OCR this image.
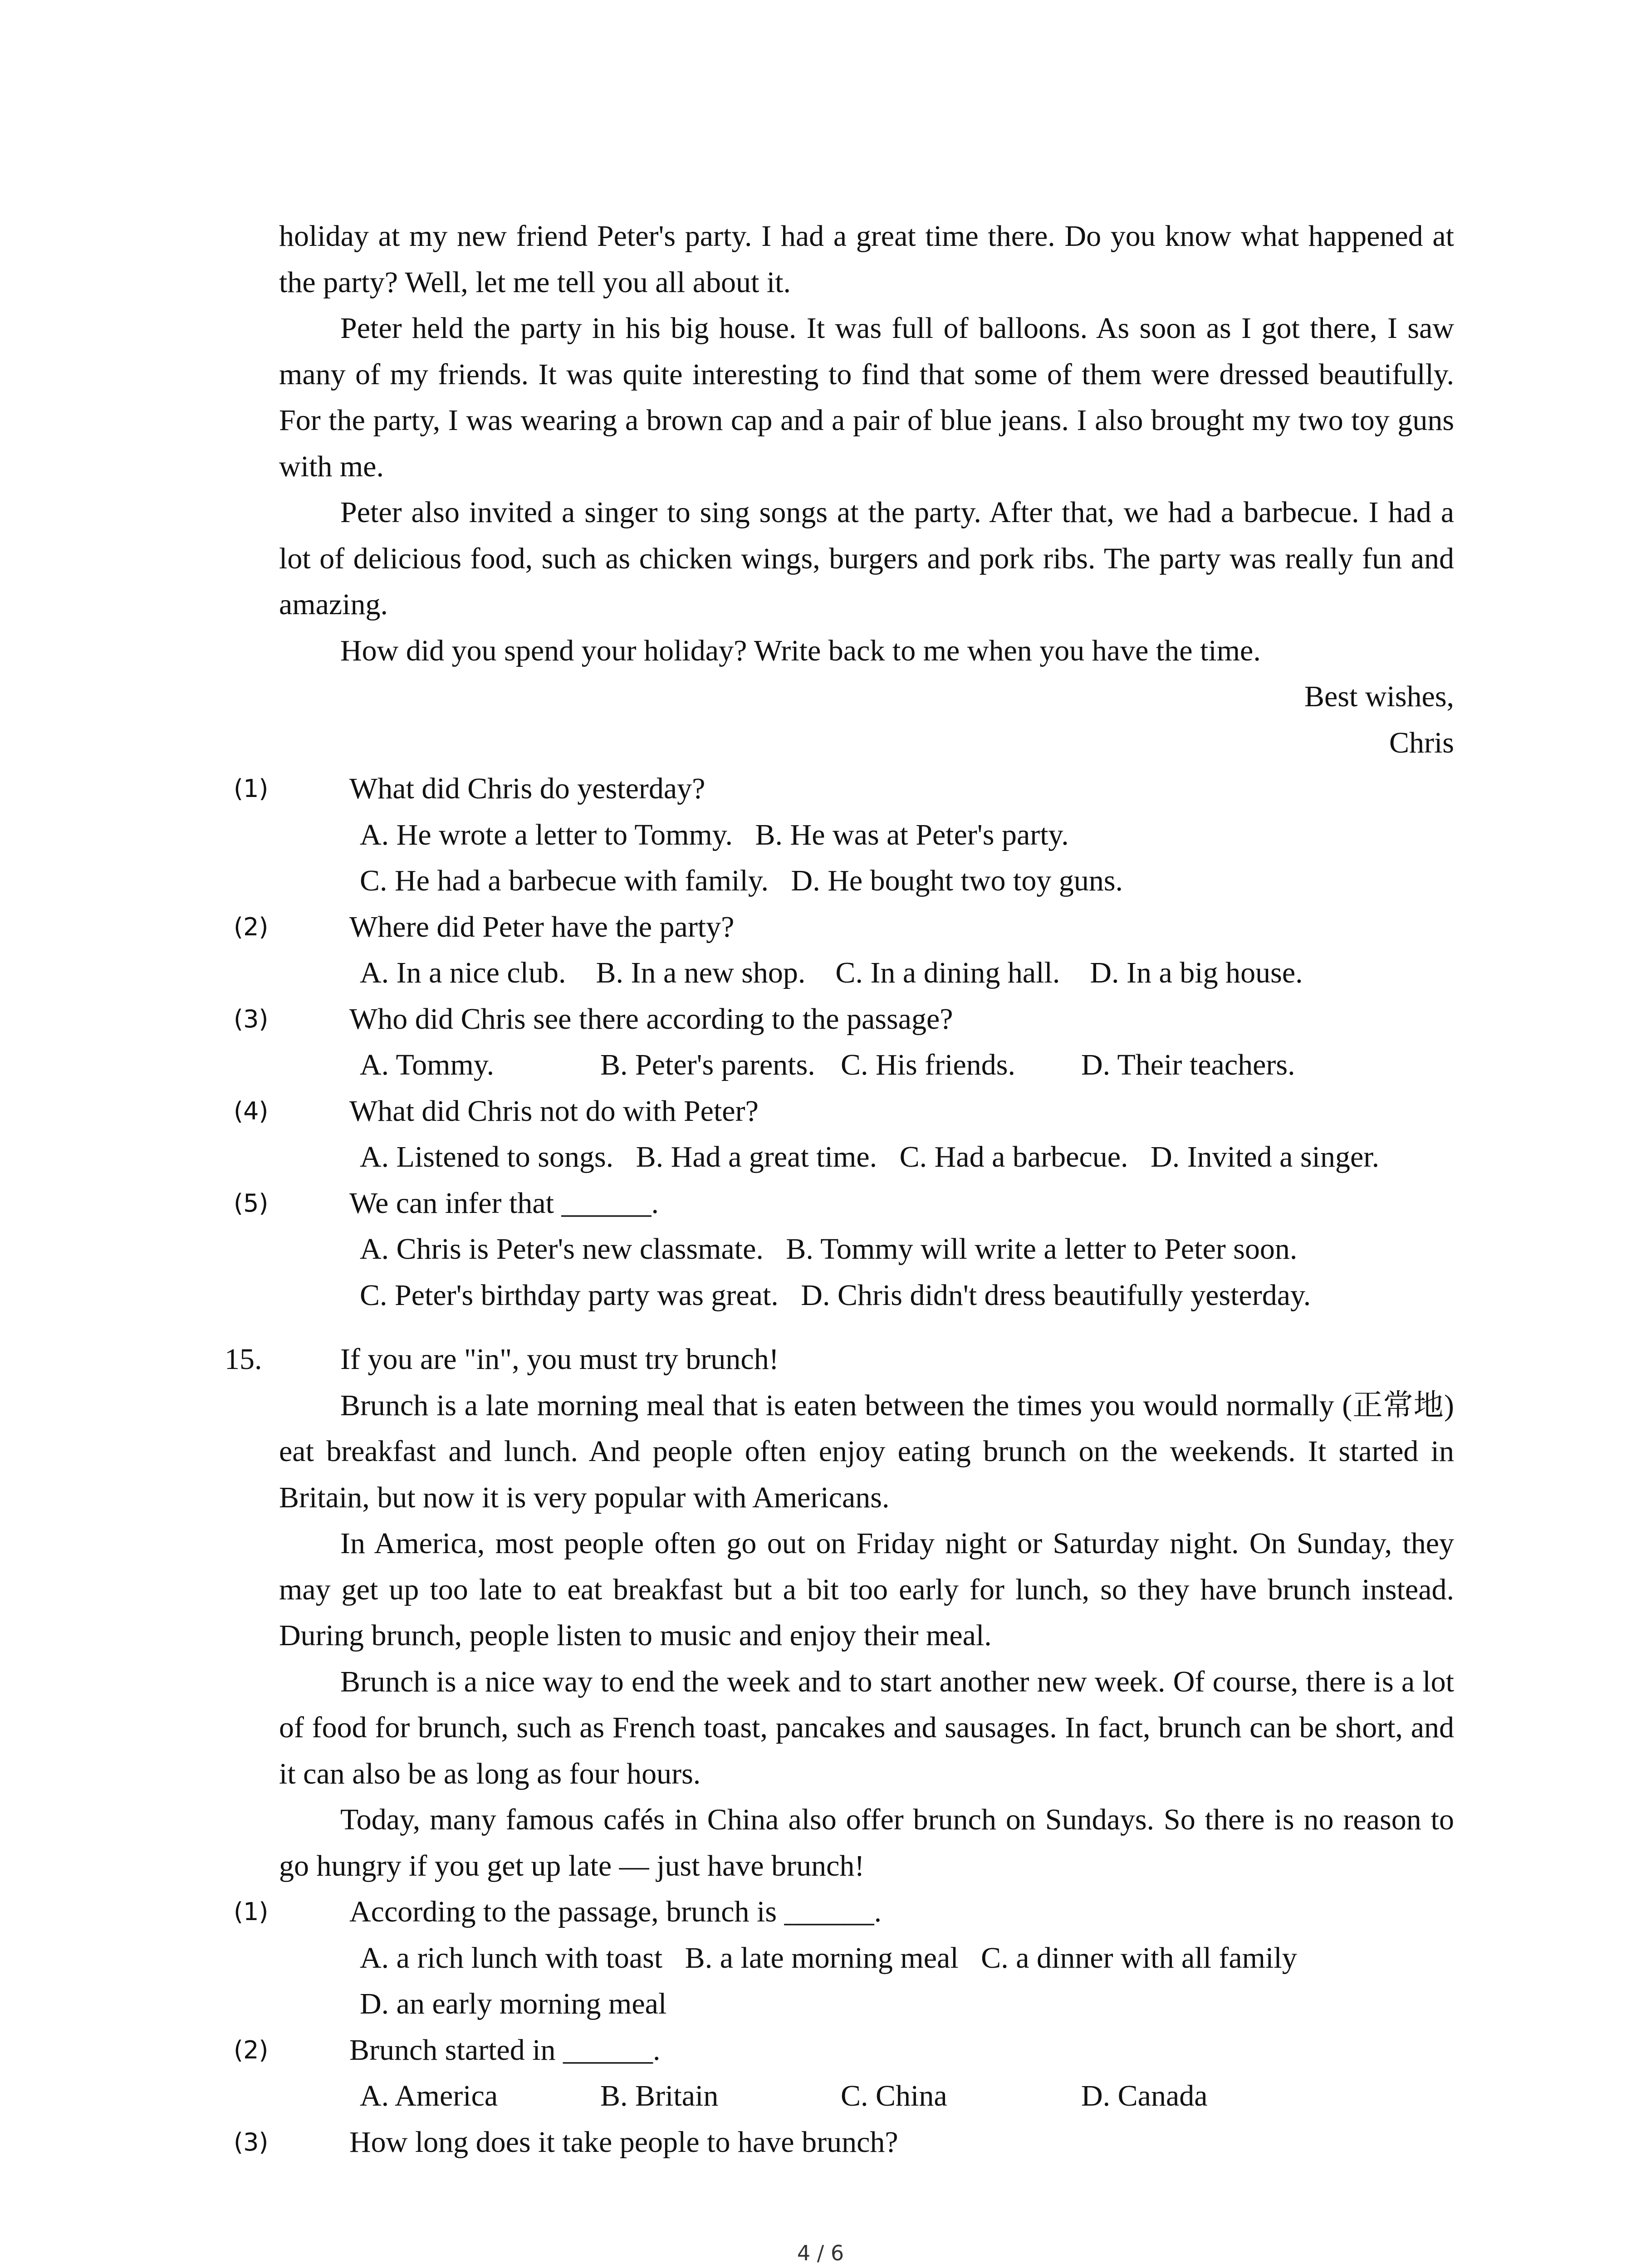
holiday at my new friend Peter's party. I had a great time there. Do you know what happened at the party? Well, let me tell you all about it.

Peter held the party in his big house. It was full of balloons. As soon as I got there, I saw many of my friends. It was quite interesting to find that some of them were dressed beautifully. For the party, I was wearing a brown cap and a pair of blue jeans. I also brought my two toy guns with me.

Peter also invited a singer to sing songs at the party. After that, we had a barbecue. I had a lot of delicious food, such as chicken wings, burgers and pork ribs. The party was really fun and amazing.

How did you spend your holiday? Write back to me when you have the time.

Best wishes,

Chris

(1)	What did Chris do yesterday?

A. He wrote a letter to Tommy.   B. He was at Peter's party.

C. He had a barbecue with family.   D. He bought two toy guns.

(2)	Where did Peter have the party?

A. In a nice club.    B. In a new shop.    C. In a dining hall.    D. In a big house.

(3)	Who did Chris see there according to the passage?

A. Tommy.	B. Peter's parents. C. His friends.	D. Their teachers.
(4)	What did Chris not do with Peter?

A. Listened to songs.   B. Had a great time.   C. Had a barbecue.   D. Invited a singer.

(5)	We can infer that ______.

A. Chris is Peter's new classmate.   B. Tommy will write a letter to Peter soon.

C. Peter's birthday party was great.   D. Chris didn't dress beautifully yesterday.

15.	If you are "in", you must try brunch!

Brunch is a late morning meal that is eaten between the times you would normally (正常地) eat breakfast and lunch. And people often enjoy eating brunch on the weekends. It started in Britain, but now it is very popular with Americans.

In America, most people often go out on Friday night or Saturday night. On Sunday, they may get up too late to eat breakfast but a bit too early for lunch, so they have brunch instead. During brunch, people listen to music and enjoy their meal.

Brunch is a nice way to end the week and to start another new week. Of course, there is a lot of food for brunch, such as French toast, pancakes and sausages. In fact, brunch can be short, and it can also be as long as four hours.

Today, many famous cafés in China also offer brunch on Sundays. So there is no reason to go hungry if you get up late — just have brunch!

(1)	According to the passage, brunch is ______.

A. a rich lunch with toast   B. a late morning meal   C. a dinner with all family

D. an early morning meal

(2)	Brunch started in ______.

A. America	B. Britain	C. China	D. Canada
(3)	How long does it take people to have brunch?

4 / 6
